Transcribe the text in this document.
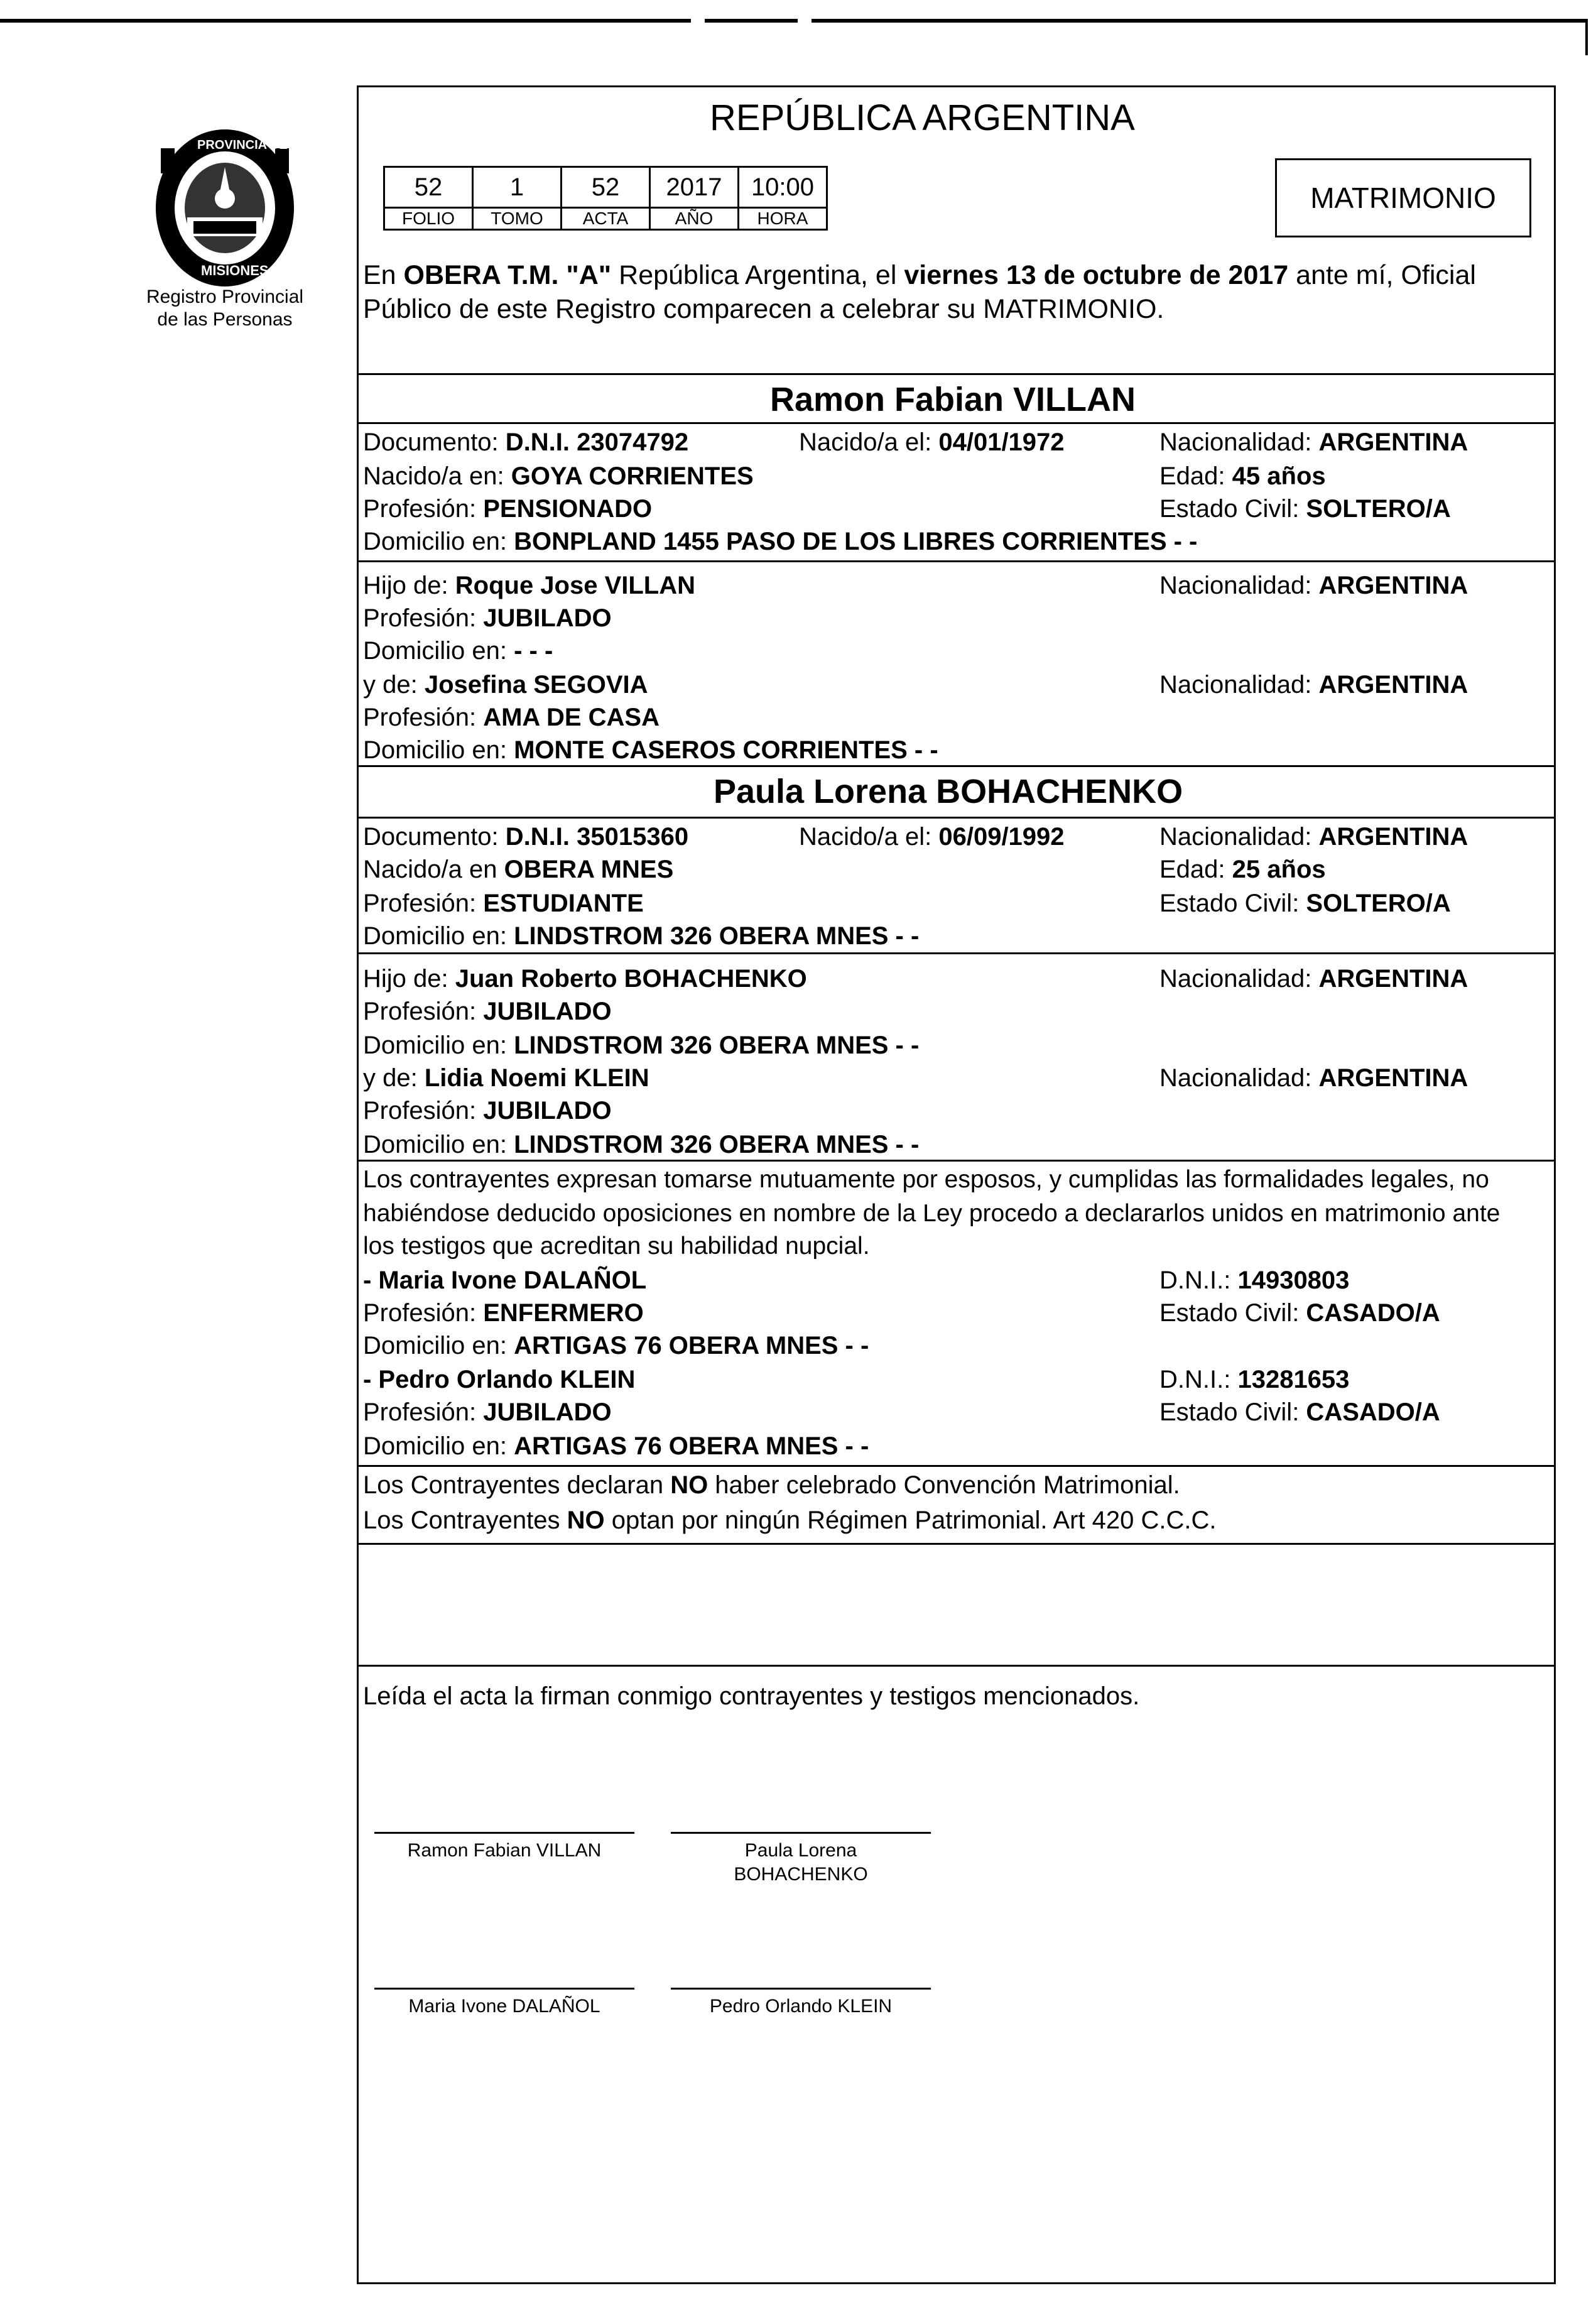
PROVINCIA DE
MISIONES
Registro Provincial
de las Personas
REPÚBLICA ARGENTINA
52	1	52	2017	10:00
FOLIO	TOMO	ACTA	AÑO	HORA
MATRIMONIO
En OBERA T.M. "A" República Argentina, el viernes 13 de octubre de 2017 ante mí, Oficial
Público de este Registro comparecen a celebrar su MATRIMONIO.
Ramon Fabian VILLAN
Documento: D.N.I. 23074792	Nacido/a el: 04/01/1972	Nacionalidad: ARGENTINA
Nacido/a en: GOYA CORRIENTES	Edad: 45 años
Profesión: PENSIONADO	Estado Civil: SOLTERO/A
Domicilio en: BONPLAND 1455 PASO DE LOS LIBRES CORRIENTES - -
Hijo de: Roque Jose VILLAN	Nacionalidad: ARGENTINA
Profesión: JUBILADO
Domicilio en: - - -
y de: Josefina SEGOVIA	Nacionalidad: ARGENTINA
Profesión: AMA DE CASA
Domicilio en: MONTE CASEROS CORRIENTES - -
Paula Lorena BOHACHENKO
Documento: D.N.I. 35015360	Nacido/a el: 06/09/1992	Nacionalidad: ARGENTINA
Nacido/a en OBERA MNES	Edad: 25 años
Profesión: ESTUDIANTE	Estado Civil: SOLTERO/A
Domicilio en: LINDSTROM 326 OBERA MNES - -
Hijo de: Juan Roberto BOHACHENKO	Nacionalidad: ARGENTINA
Profesión: JUBILADO
Domicilio en: LINDSTROM 326 OBERA MNES - -
y de: Lidia Noemi KLEIN	Nacionalidad: ARGENTINA
Profesión: JUBILADO
Domicilio en: LINDSTROM 326 OBERA MNES - -
Los contrayentes expresan tomarse mutuamente por esposos, y cumplidas las formalidades legales, no
habiéndose deducido oposiciones en nombre de la Ley procedo a declararlos unidos en matrimonio ante
los testigos que acreditan su habilidad nupcial.
- Maria Ivone DALAÑOL	D.N.I.: 14930803
Profesión: ENFERMERO	Estado Civil: CASADO/A
Domicilio en: ARTIGAS 76 OBERA MNES - -
- Pedro Orlando KLEIN	D.N.I.: 13281653
Profesión: JUBILADO	Estado Civil: CASADO/A
Domicilio en: ARTIGAS 76 OBERA MNES - -
Los Contrayentes declaran NO haber celebrado Convención Matrimonial.
Los Contrayentes NO optan por ningún Régimen Patrimonial. Art 420 C.C.C.
Leída el acta la firman conmigo contrayentes y testigos mencionados.
Ramon Fabian VILLAN	Paula Lorena
BOHACHENKO
Maria Ivone DALAÑOL	Pedro Orlando KLEIN
